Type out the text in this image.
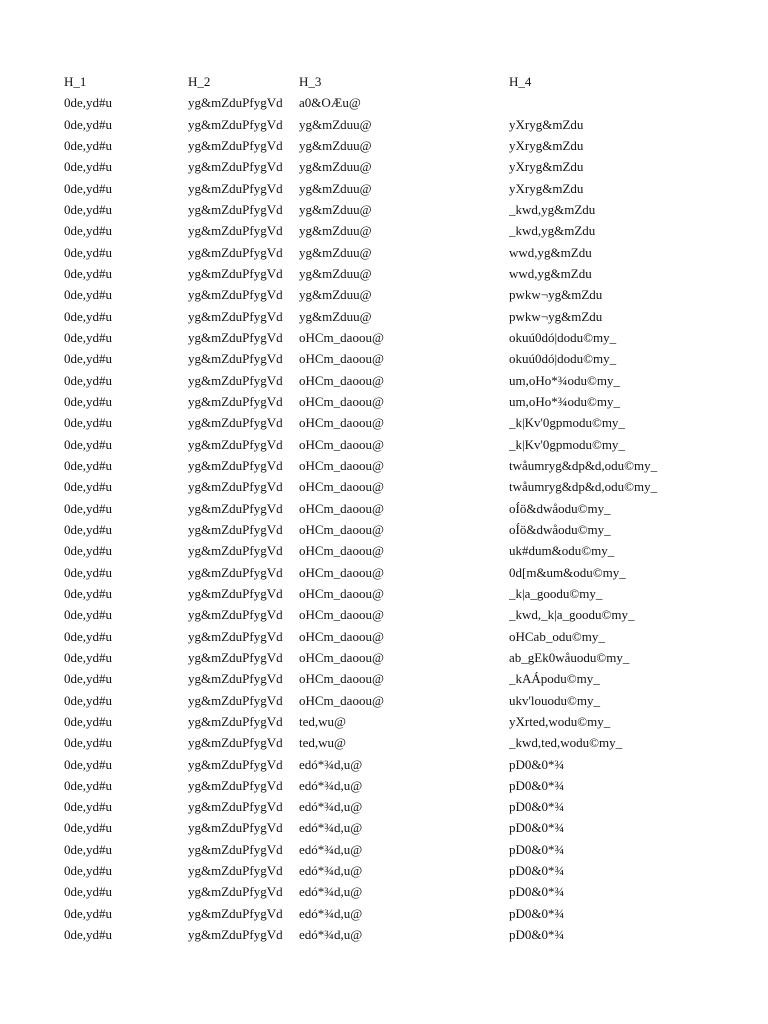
H_1	H_2	H_3	H_4
0de,yd#u	yg&mZduPfygVd	a0&OÆu@
0de,yd#u	yg&mZduPfygVd	yg&mZduu@	yXryg&mZdu
0de,yd#u	yg&mZduPfygVd	yg&mZduu@	yXryg&mZdu
0de,yd#u	yg&mZduPfygVd	yg&mZduu@	yXryg&mZdu
0de,yd#u	yg&mZduPfygVd	yg&mZduu@	yXryg&mZdu
0de,yd#u	yg&mZduPfygVd	yg&mZduu@	_kwd,yg&mZdu
0de,yd#u	yg&mZduPfygVd	yg&mZduu@	_kwd,yg&mZdu
0de,yd#u	yg&mZduPfygVd	yg&mZduu@	wwd,yg&mZdu
0de,yd#u	yg&mZduPfygVd	yg&mZduu@	wwd,yg&mZdu
0de,yd#u	yg&mZduPfygVd	yg&mZduu@	pwkw¬yg&mZdu
0de,yd#u	yg&mZduPfygVd	yg&mZduu@	pwkw¬yg&mZdu
0de,yd#u	yg&mZduPfygVd	oHCm_daoou@	okuú0dó|dodu©my_
0de,yd#u	yg&mZduPfygVd	oHCm_daoou@	okuú0dó|dodu©my_
0de,yd#u	yg&mZduPfygVd	oHCm_daoou@	um,oHo*¾odu©my_
0de,yd#u	yg&mZduPfygVd	oHCm_daoou@	um,oHo*¾odu©my_
0de,yd#u	yg&mZduPfygVd	oHCm_daoou@	_k|Kv'0gpmodu©my_
0de,yd#u	yg&mZduPfygVd	oHCm_daoou@	_k|Kv'0gpmodu©my_
0de,yd#u	yg&mZduPfygVd	oHCm_daoou@	twåumryg&dp&d,odu©my_
0de,yd#u	yg&mZduPfygVd	oHCm_daoou@	twåumryg&dp&d,odu©my_
0de,yd#u	yg&mZduPfygVd	oHCm_daoou@	oÍö&dwåodu©my_
0de,yd#u	yg&mZduPfygVd	oHCm_daoou@	oÍö&dwåodu©my_
0de,yd#u	yg&mZduPfygVd	oHCm_daoou@	uk#dum&odu©my_
0de,yd#u	yg&mZduPfygVd	oHCm_daoou@	0d[m&um&odu©my_
0de,yd#u	yg&mZduPfygVd	oHCm_daoou@	_k|a_goodu©my_
0de,yd#u	yg&mZduPfygVd	oHCm_daoou@	_kwd,_k|a_goodu©my_
0de,yd#u	yg&mZduPfygVd	oHCm_daoou@	oHCab_odu©my_
0de,yd#u	yg&mZduPfygVd	oHCm_daoou@	ab_gEk0wåuodu©my_
0de,yd#u	yg&mZduPfygVd	oHCm_daoou@	_kAÁpodu©my_
0de,yd#u	yg&mZduPfygVd	oHCm_daoou@	ukv'louodu©my_
0de,yd#u	yg&mZduPfygVd	ted,wu@	yXrted,wodu©my_
0de,yd#u	yg&mZduPfygVd	ted,wu@	_kwd,ted,wodu©my_
0de,yd#u	yg&mZduPfygVd	edó*¾d,u@	pD0&0*¾
0de,yd#u	yg&mZduPfygVd	edó*¾d,u@	pD0&0*¾
0de,yd#u	yg&mZduPfygVd	edó*¾d,u@	pD0&0*¾
0de,yd#u	yg&mZduPfygVd	edó*¾d,u@	pD0&0*¾
0de,yd#u	yg&mZduPfygVd	edó*¾d,u@	pD0&0*¾
0de,yd#u	yg&mZduPfygVd	edó*¾d,u@	pD0&0*¾
0de,yd#u	yg&mZduPfygVd	edó*¾d,u@	pD0&0*¾
0de,yd#u	yg&mZduPfygVd	edó*¾d,u@	pD0&0*¾
0de,yd#u	yg&mZduPfygVd	edó*¾d,u@	pD0&0*¾
